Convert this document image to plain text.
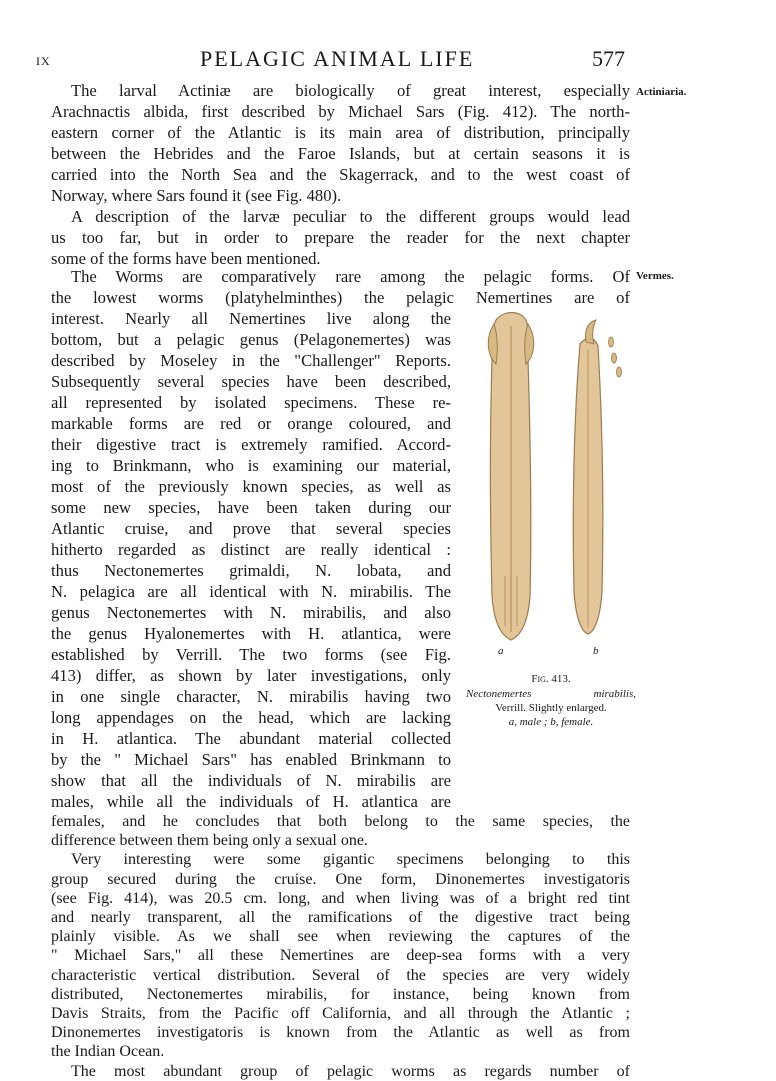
IX	PELAGIC ANIMAL LIFE	577
Actiniaria.
Vermes.
The larval Actiniæ are biologically of great interest, especially
Arachnactis albida, first described by Michael Sars (Fig. 412). The north-
eastern corner of the Atlantic is its main area of distribution, principally
between the Hebrides and the Faroe Islands, but at certain seasons it is
carried into the North Sea and the Skagerrack, and to the west coast of
Norway, where Sars found it (see Fig. 480).
A description of the larvæ peculiar to the different groups would lead
us too far, but in order to prepare the reader for the next chapter
some of the forms have been mentioned.
The Worms are comparatively rare among the pelagic forms. Of
the lowest worms (platyhelminthes) the pelagic Nemertines are of
interest. Nearly all Nemertines live along the
bottom, but a pelagic genus (Pelagonemertes) was
described by Moseley in the "Challenger" Reports.
Subsequently several species have been described,
all represented by isolated specimens. These re-
markable forms are red or orange coloured, and
their digestive tract is extremely ramified. Accord-
ing to Brinkmann, who is examining our material,
most of the previously known species, as well as
some new species, have been taken during our
Atlantic cruise, and prove that several species
hitherto regarded as distinct are really identical :
thus Nectonemertes grimaldi, N. lobata, and
N. pelagica are all identical with N. mirabilis. The
genus Nectonemertes with N. mirabilis, and also
the genus Hyalonemertes with H. atlantica, were
established by Verrill. The two forms (see Fig.
413) differ, as shown by later investigations, only
in one single character, N. mirabilis having two
long appendages on the head, which are lacking
in H. atlantica. The abundant material collected
by the " Michael Sars" has enabled Brinkmann to
show that all the individuals of N. mirabilis are
males, while all the individuals of H. atlantica are
females, and he concludes that both belong to the same species, the
difference between them being only a sexual one.
Very interesting were some gigantic specimens belonging to this
group secured during the cruise. One form, Dinonemertes investigatoris
(see Fig. 414), was 20.5 cm. long, and when living was of a bright red tint
and nearly transparent, all the ramifications of the digestive tract being
plainly visible. As we shall see when reviewing the captures of the
" Michael Sars," all these Nemertines are deep-sea forms with a very
characteristic vertical distribution. Several of the species are very widely
distributed, Nectonemertes mirabilis, for instance, being known from
Davis Straits, from the Pacific off California, and all through the Atlantic ;
Dinonemertes investigatoris is known from the Atlantic as well as from
the Indian Ocean.
The most abundant group of pelagic worms as regards number of
a	b
Fig. 413.
Nectonemertes mirabilis,
Verrill. Slightly enlarged.
a, male ; b, female.
